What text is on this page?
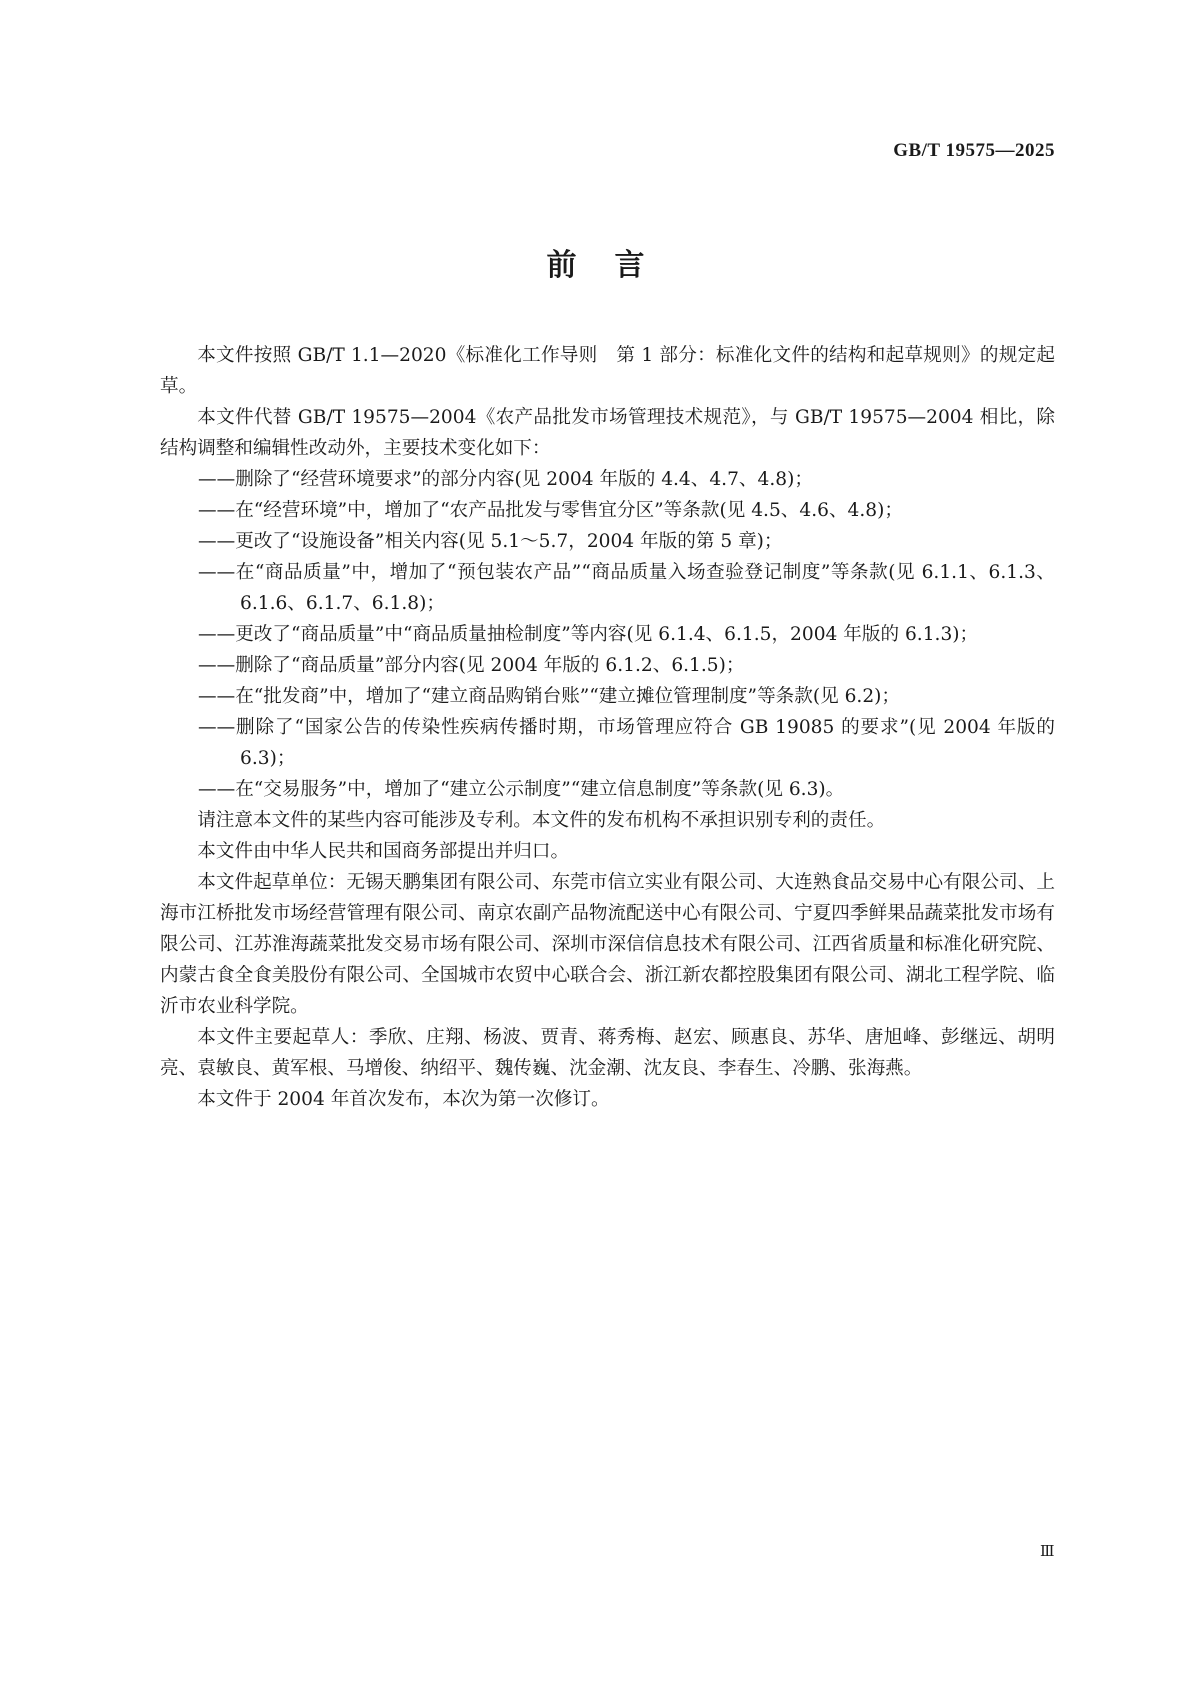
GB/T 19575—2025
前言

本文件按照 GB/T 1.1—2020《标准化工作导则　第 1 部分：标准化文件的结构和起草规则》的规定起草。

本文件代替 GB/T 19575—2004《农产品批发市场管理技术规范》，与 GB/T 19575—2004 相比，除结构调整和编辑性改动外，主要技术变化如下：

——删除了“经营环境要求”的部分内容(见 2004 年版的 4.4、4.7、4.8)；

——在“经营环境”中，增加了“农产品批发与零售宜分区”等条款(见 4.5、4.6、4.8)；

——更改了“设施设备”相关内容(见 5.1～5.7，2004 年版的第 5 章)；

——在“商品质量”中，增加了“预包装农产品”“商品质量入场查验登记制度”等条款(见 6.1.1、6.1.3、6.1.6、6.1.7、6.1.8)；

——更改了“商品质量”中“商品质量抽检制度”等内容(见 6.1.4、6.1.5，2004 年版的 6.1.3)；

——删除了“商品质量”部分内容(见 2004 年版的 6.1.2、6.1.5)；

——在“批发商”中，增加了“建立商品购销台账”“建立摊位管理制度”等条款(见 6.2)；

——删除了“国家公告的传染性疾病传播时期，市场管理应符合 GB 19085 的要求”(见 2004 年版的 6.3)；

——在“交易服务”中，增加了“建立公示制度”“建立信息制度”等条款(见 6.3)。

请注意本文件的某些内容可能涉及专利。本文件的发布机构不承担识别专利的责任。

本文件由中华人民共和国商务部提出并归口。

本文件起草单位：无锡天鹏集团有限公司、东莞市信立实业有限公司、大连熟食品交易中心有限公司、上海市江桥批发市场经营管理有限公司、南京农副产品物流配送中心有限公司、宁夏四季鲜果品蔬菜批发市场有限公司、江苏淮海蔬菜批发交易市场有限公司、深圳市深信信息技术有限公司、江西省质量和标准化研究院、内蒙古食全食美股份有限公司、全国城市农贸中心联合会、浙江新农都控股集团有限公司、湖北工程学院、临沂市农业科学院。

本文件主要起草人：季欣、庄翔、杨波、贾青、蒋秀梅、赵宏、顾惠良、苏华、唐旭峰、彭继远、胡明亮、袁敏良、黄军根、马增俊、纳绍平、魏传巍、沈金潮、沈友良、李春生、冷鹏、张海燕。

本文件于 2004 年首次发布，本次为第一次修订。

Ⅲ
